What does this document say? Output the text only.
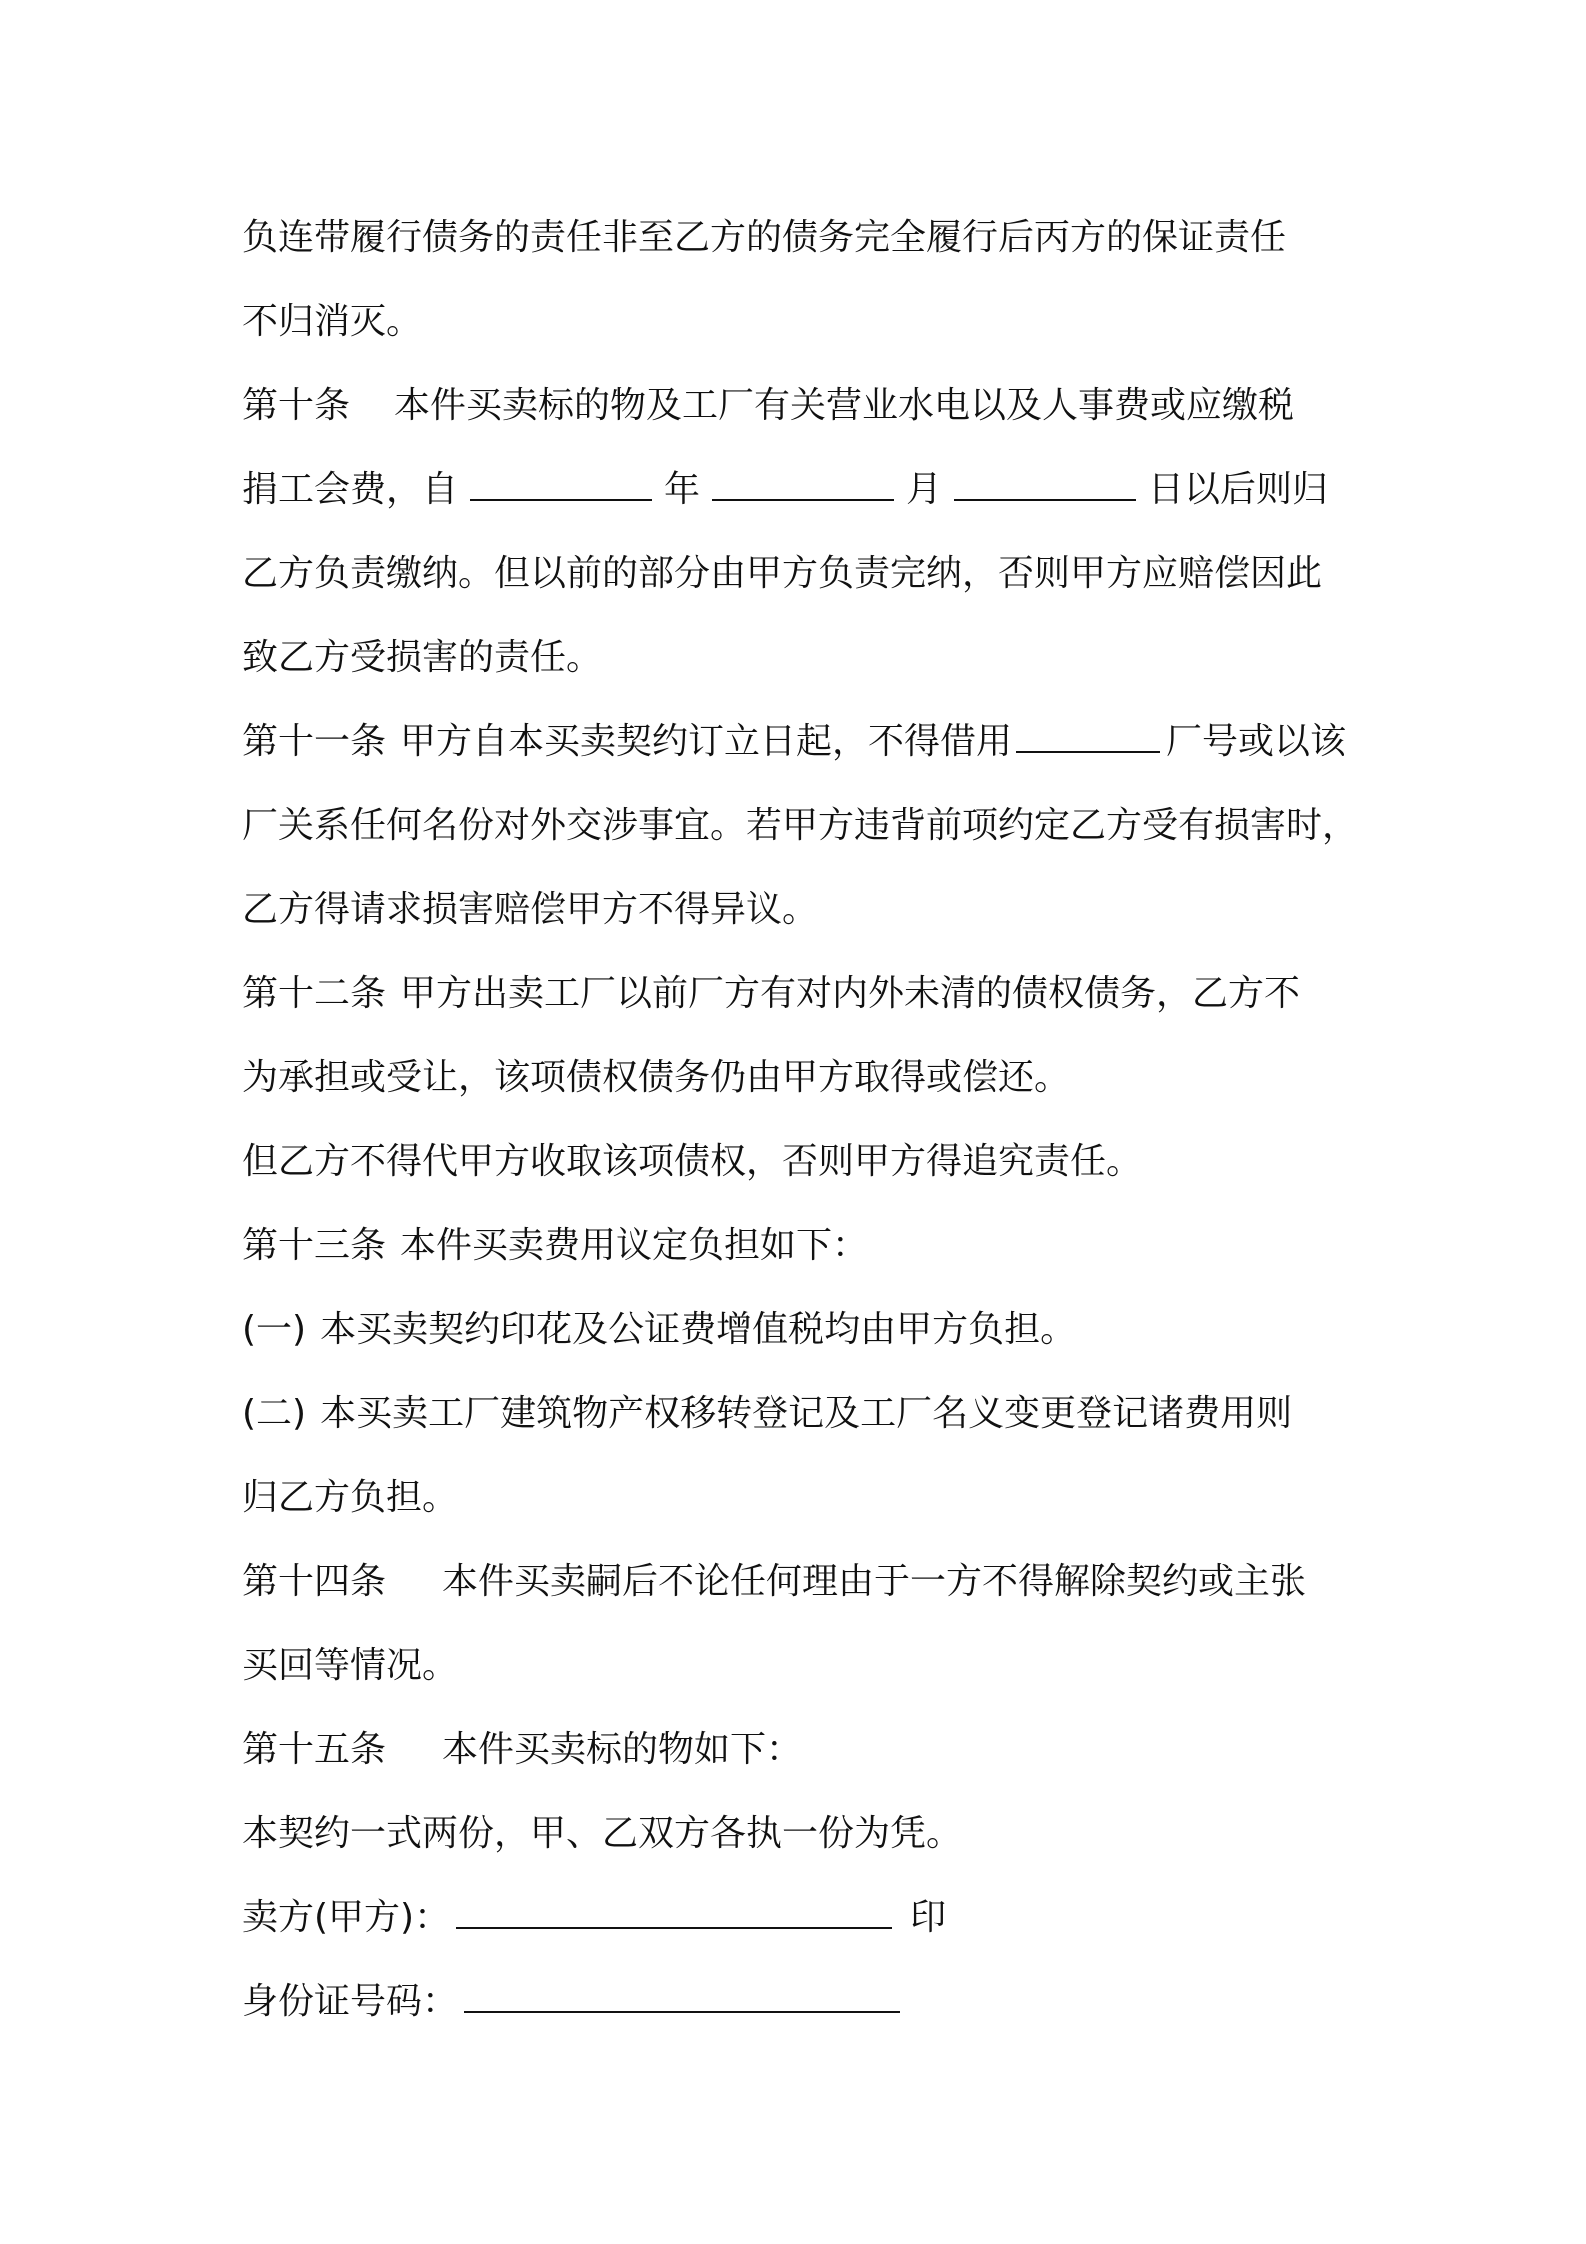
负连带履行债务的责任非至乙方的债务完全履行后丙方的保证责任

不归消灭。

第十条 本件买卖标的物及工厂有关营业水电以及人事费或应缴税

捐工会费，自	年	月	日以后则归

乙方负责缴纳。但以前的部分由甲方负责完纳，否则甲方应赔偿因此

致乙方受损害的责任。

第十一条 甲方自本买卖契约订立日起，不得借用	厂号或以该

厂关系任何名份对外交涉事宜。若甲方违背前项约定乙方受有损害时，

乙方得请求损害赔偿甲方不得异议。

第十二条 甲方出卖工厂以前厂方有对内外未清的债权债务，乙方不

为承担或受让，该项债权债务仍由甲方取得或偿还。

但乙方不得代甲方收取该项债权，否则甲方得追究责任。

第十三条 本件买卖费用议定负担如下：

(一) 本买卖契约印花及公证费增值税均由甲方负担。

(二) 本买卖工厂建筑物产权移转登记及工厂名义变更登记诸费用则

归乙方负担。

第十四条 本件买卖嗣后不论任何理由于一方不得解除契约或主张

买回等情况。

第十五条 本件买卖标的物如下：

本契约一式两份，甲、乙双方各执一份为凭。

卖方(甲方)：	印

身份证号码：
